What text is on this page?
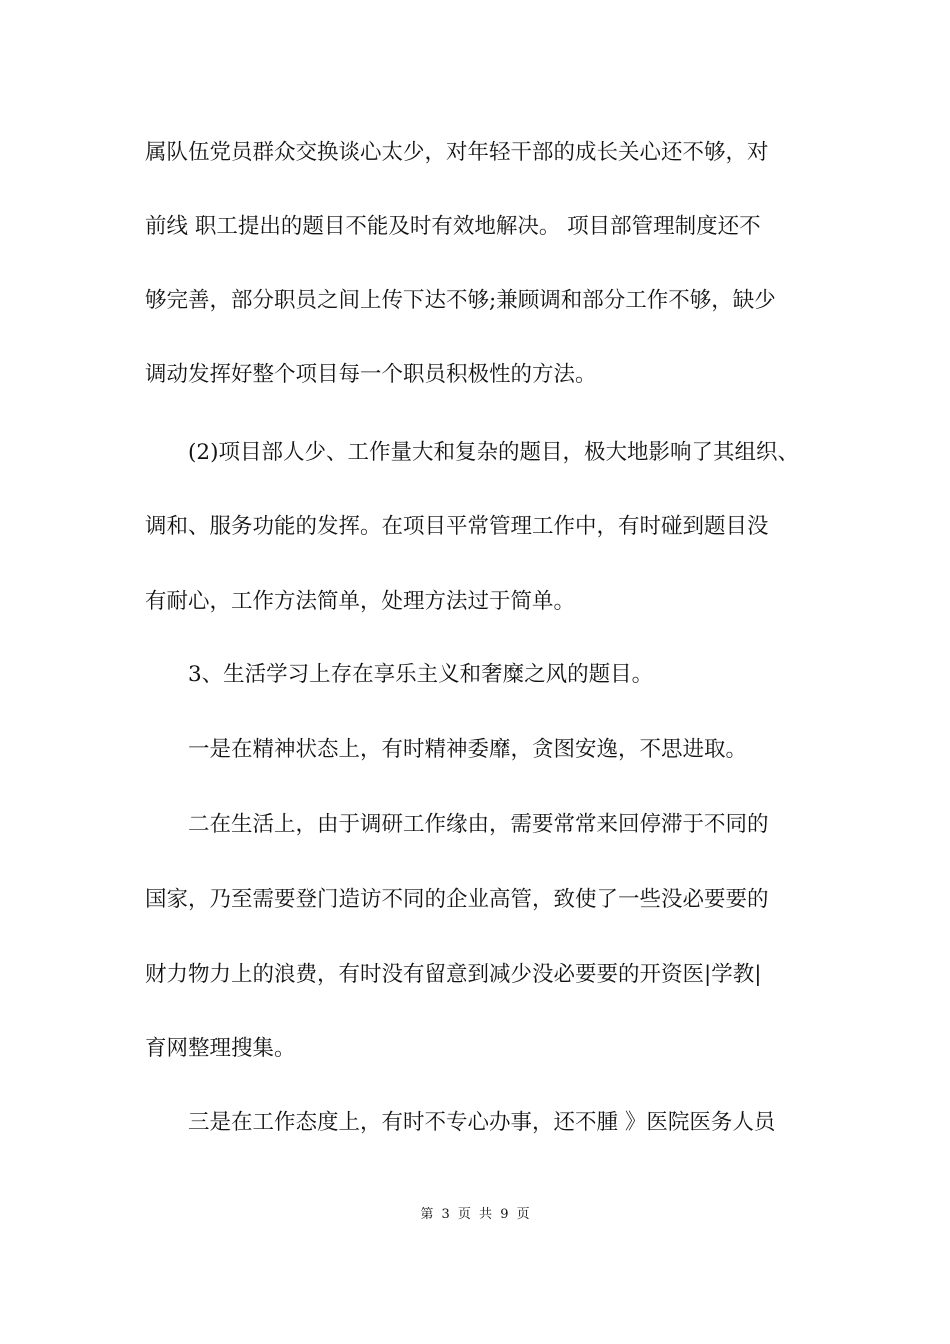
属队伍党员群众交换谈心太少，对年轻干部的成长关心还不够，对
前线 职工提出的题目不能及时有效地解决。 项目部管理制度还不
够完善，部分职员之间上传下达不够;兼顾调和部分工作不够，缺少
调动发挥好整个项目每一个职员积极性的方法。
(2)项目部人少、工作量大和复杂的题目，极大地影响了其组织、
调和、服务功能的发挥。在项目平常管理工作中，有时碰到题目没
有耐心，工作方法简单，处理方法过于简单。
3、生活学习上存在享乐主义和奢糜之风的题目。
一是在精神状态上，有时精神委靡，贪图安逸，不思进取。
二在生活上，由于调研工作缘由，需要常常来回停滞于不同的
国家，乃至需要登门造访不同的企业高管，致使了一些没必要要的
财力物力上的浪费，有时没有留意到减少没必要要的开资医|学教|
育网整理搜集。
三是在工作态度上，有时不专心办事，还不腫 》医院医务人员
第 3 页 共 9 页
